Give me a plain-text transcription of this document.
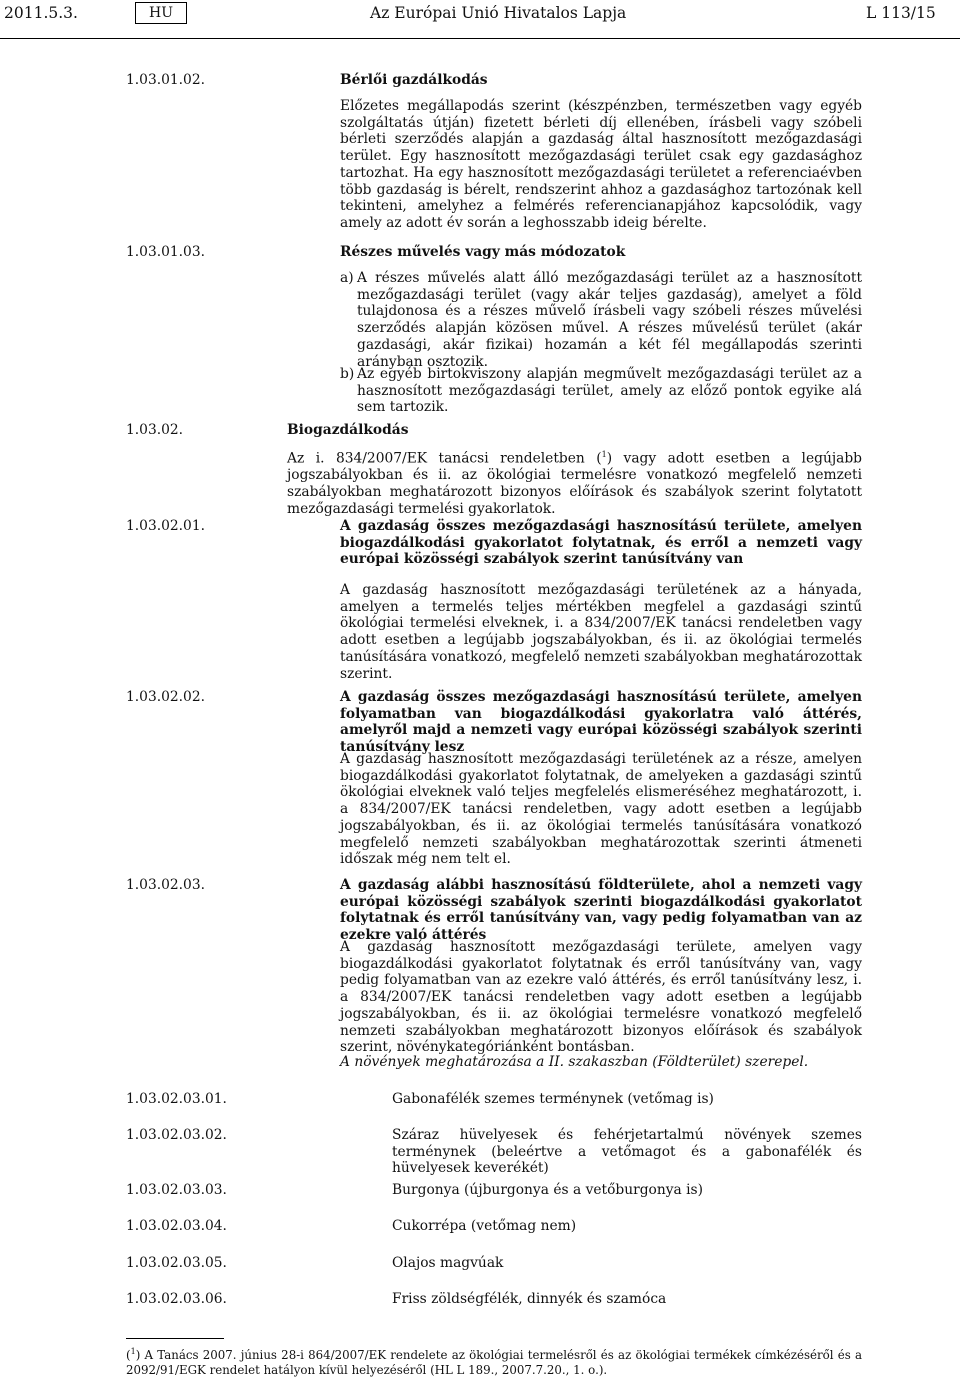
2011.5.3.	HU	Az Európai Unió Hivatalos Lapja	L 113/15
1.03.01.02.	Bérlői gazdálkodás
Előzetes megállapodás szerint (készpénzben, természetben vagy egyéb szolgáltatás útján) fizetett bérleti díj ellenében, írásbeli vagy szóbeli bérleti szerződés alapján a gazdaság által hasznosított mezőgazdasági terület. Egy hasznosított mezőgazdasági terület csak egy gazdasághoz tartozhat. Ha egy hasznosított mezőgazdasági területet a referenciaévben több gazdaság is bérelt, rendszerint ahhoz a gazdasághoz tartozónak kell tekinteni, amelyhez a felmérés referencianapjához kapcsolódik, vagy amely az adott év során a leghosszabb ideig bérelte.
1.03.01.03.	Részes művelés vagy más módozatok
a) A részes művelés alatt álló mezőgazdasági terület az a hasznosított mezőgazdasági terület (vagy akár teljes gazdaság), amelyet a föld tulajdonosa és a részes művelő írásbeli vagy szóbeli részes művelési szerződés alapján közösen művel. A részes művelésű terület (akár gazdasági, akár fizikai) hozamán a két fél megállapodás szerinti arányban osztozik.
b) Az egyéb birtokviszony alapján megművelt mezőgazdasági terület az a hasznosított mezőgazdasági terület, amely az előző pontok egyike alá sem tartozik.
1.03.02.	Biogazdálkodás
Az i. 834/2007/EK tanácsi rendeletben ($^1$) vagy adott esetben a legújabb jogszabályokban és ii. az ökológiai termelésre vonatkozó megfelelő nemzeti szabályokban meghatározott bizonyos előírások és szabályok szerint folytatott mezőgazdasági termelési gyakorlatok.
1.03.02.01.	A gazdaság összes mezőgazdasági hasznosítású területe, amelyen biogazdálkodási gyakorlatot folytatnak, és erről a nemzeti vagy európai közösségi szabályok szerint tanúsítvány van
A gazdaság hasznosított mezőgazdasági területének az a hányada, amelyen a termelés teljes mértékben megfelel a gazdasági szintű ökológiai termelési elveknek, i. a 834/2007/EK tanácsi rendeletben vagy adott esetben a legújabb jogszabályokban, és ii. az ökológiai termelés tanúsítására vonatkozó, megfelelő nemzeti szabályokban meghatározottak szerint.
1.03.02.02.	A gazdaság összes mezőgazdasági hasznosítású területe, amelyen folyamatban van biogazdálkodási gyakorlatra való áttérés, amelyről majd a nemzeti vagy európai közösségi szabályok szerinti tanúsítvány lesz
A gazdaság hasznosított mezőgazdasági területének az a része, amelyen biogazdálkodási gyakorlatot folytatnak, de amelyeken a gazdasági szintű ökológiai elveknek való teljes megfelelés elismeréséhez meghatározott, i. a 834/2007/EK tanácsi rendeletben, vagy adott esetben a legújabb jogszabályokban, és ii. az ökológiai termelés tanúsítására vonatkozó megfelelő nemzeti szabályokban meghatározottak szerinti átmeneti időszak még nem telt el.
1.03.02.03.	A gazdaság alábbi hasznosítású földterülete, ahol a nemzeti vagy európai közösségi szabályok szerinti biogazdálkodási gyakorlatot folytatnak és erről tanúsítvány van, vagy pedig folyamatban van az ezekre való áttérés
A gazdaság hasznosított mezőgazdasági területe, amelyen vagy biogazdálkodási gyakorlatot folytatnak és erről tanúsítvány van, vagy pedig folyamatban van az ezekre való áttérés, és erről tanúsítvány lesz, i. a 834/2007/EK tanácsi rendeletben vagy adott esetben a legújabb jogszabályokban, és ii. az ökológiai termelésre vonatkozó megfelelő nemzeti szabályokban meghatározott bizonyos előírások és szabályok szerint, növénykategóriánként bontásban.
A növények meghatározása a II. szakaszban (Földterület) szerepel.
1.03.02.03.01.	Gabonafélék szemes terménynek (vetőmag is)
1.03.02.03.02.	Száraz hüvelyesek és fehérjetartalmú növények szemes terménynek (beleértve a vetőmagot és a gabonafélék és hüvelyesek keverékét)
1.03.02.03.03.	Burgonya (újburgonya és a vetőburgonya is)
1.03.02.03.04.	Cukorrépa (vetőmag nem)
1.03.02.03.05.	Olajos magvúak
1.03.02.03.06.	Friss zöldségfélék, dinnyék és szamóca
($^1$) A Tanács 2007. június 28-i 864/2007/EK rendelete az ökológiai termelésről és az ökológiai termékek címkézéséről és a 2092/91/EGK rendelet hatályon kívül helyezéséről (HL L 189., 2007.7.20., 1. o.).
